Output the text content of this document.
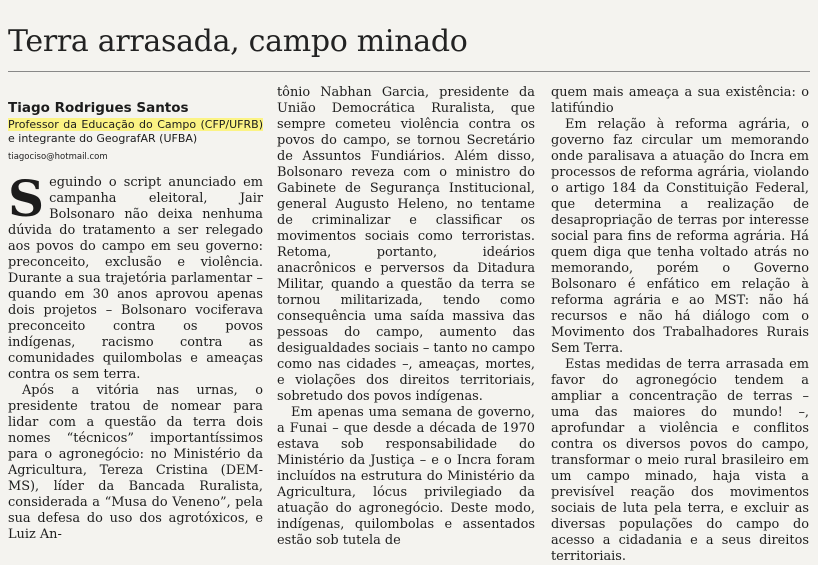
Terra arrasada, campo minado

tônio Nabhan Garcia, presidente da União Democrática Ruralista, que sempre cometeu violência contra os povos do campo, se tornou Secretário de Assuntos Fundiários. Além disso, Bolsonaro reveza com o ministro do Gabinete de Segurança Institucional, general Augusto Heleno, no tentame de criminalizar e classificar os movimentos sociais como terroristas. Retoma, portanto, ideários anacrônicos e perversos da Ditadura Militar, quando a questão da terra se tornou militarizada, tendo como consequência uma saída massiva das pessoas do campo, aumento das desigualdades sociais – tanto no campo como nas cidades –, ameaças, mortes, e violações dos direitos territoriais, sobretudo dos povos indígenas.

Em apenas uma semana de governo, a Funai – que desde a década de 1970 estava sob responsabilidade do Ministério da Justiça – e o Incra foram incluídos na estrutura do Ministério da Agricultura, lócus privilegiado da atuação do agronegócio. Deste modo, indígenas, quilombolas e assentados estão sob tutela de

quem mais ameaça a sua existência: o latifúndio

Em relação à reforma agrária, o governo faz circular um memorando onde paralisava a atuação do Incra em processos de reforma agrária, violando o artigo 184 da Constituição Federal, que determina a realização de desapropriação de terras por interesse social para fins de reforma agrária. Há quem diga que tenha voltado atrás no memorando, porém o Governo Bolsonaro é enfático em relação à reforma agrária e ao MST: não há recursos e não há diálogo com o Movimento dos Trabalhadores Rurais Sem Terra.

Estas medidas de terra arrasada em favor do agronegócio tendem a ampliar a concentração de terras – uma das maiores do mundo! –, aprofundar a violência e conflitos contra os diversos povos do campo, transformar o meio rural brasileiro em um campo minado, haja vista a previsível reação dos movimentos sociais de luta pela terra, e excluir as diversas populações do campo do acesso a cidadania e a seus direitos territoriais.

Tiago Rodrigues Santos

Professor da Educação do Campo (CFP/UFRB) e integrante do GeografAR (UFBA)

tiagociso@hotmail.com

Seguindo o script anunciado em campanha eleitoral, Jair Bolsonaro não deixa nenhuma dúvida do tratamento a ser relegado aos povos do campo em seu governo: preconceito, exclusão e violência. Durante a sua trajetória parlamentar – quando em 30 anos aprovou apenas dois projetos – Bolsonaro vociferava preconceito contra os povos indígenas, racismo contra as comunidades quilombolas e ameaças contra os sem terra.

Após a vitória nas urnas, o presidente tratou de nomear para lidar com a questão da terra dois nomes “técnicos” importantíssimos para o agronegócio: no Ministério da Agricultura, Tereza Cristina (DEM-MS), líder da Bancada Ruralista, considerada a “Musa do Veneno”, pela sua defesa do uso dos agrotóxicos, e Luiz An-
